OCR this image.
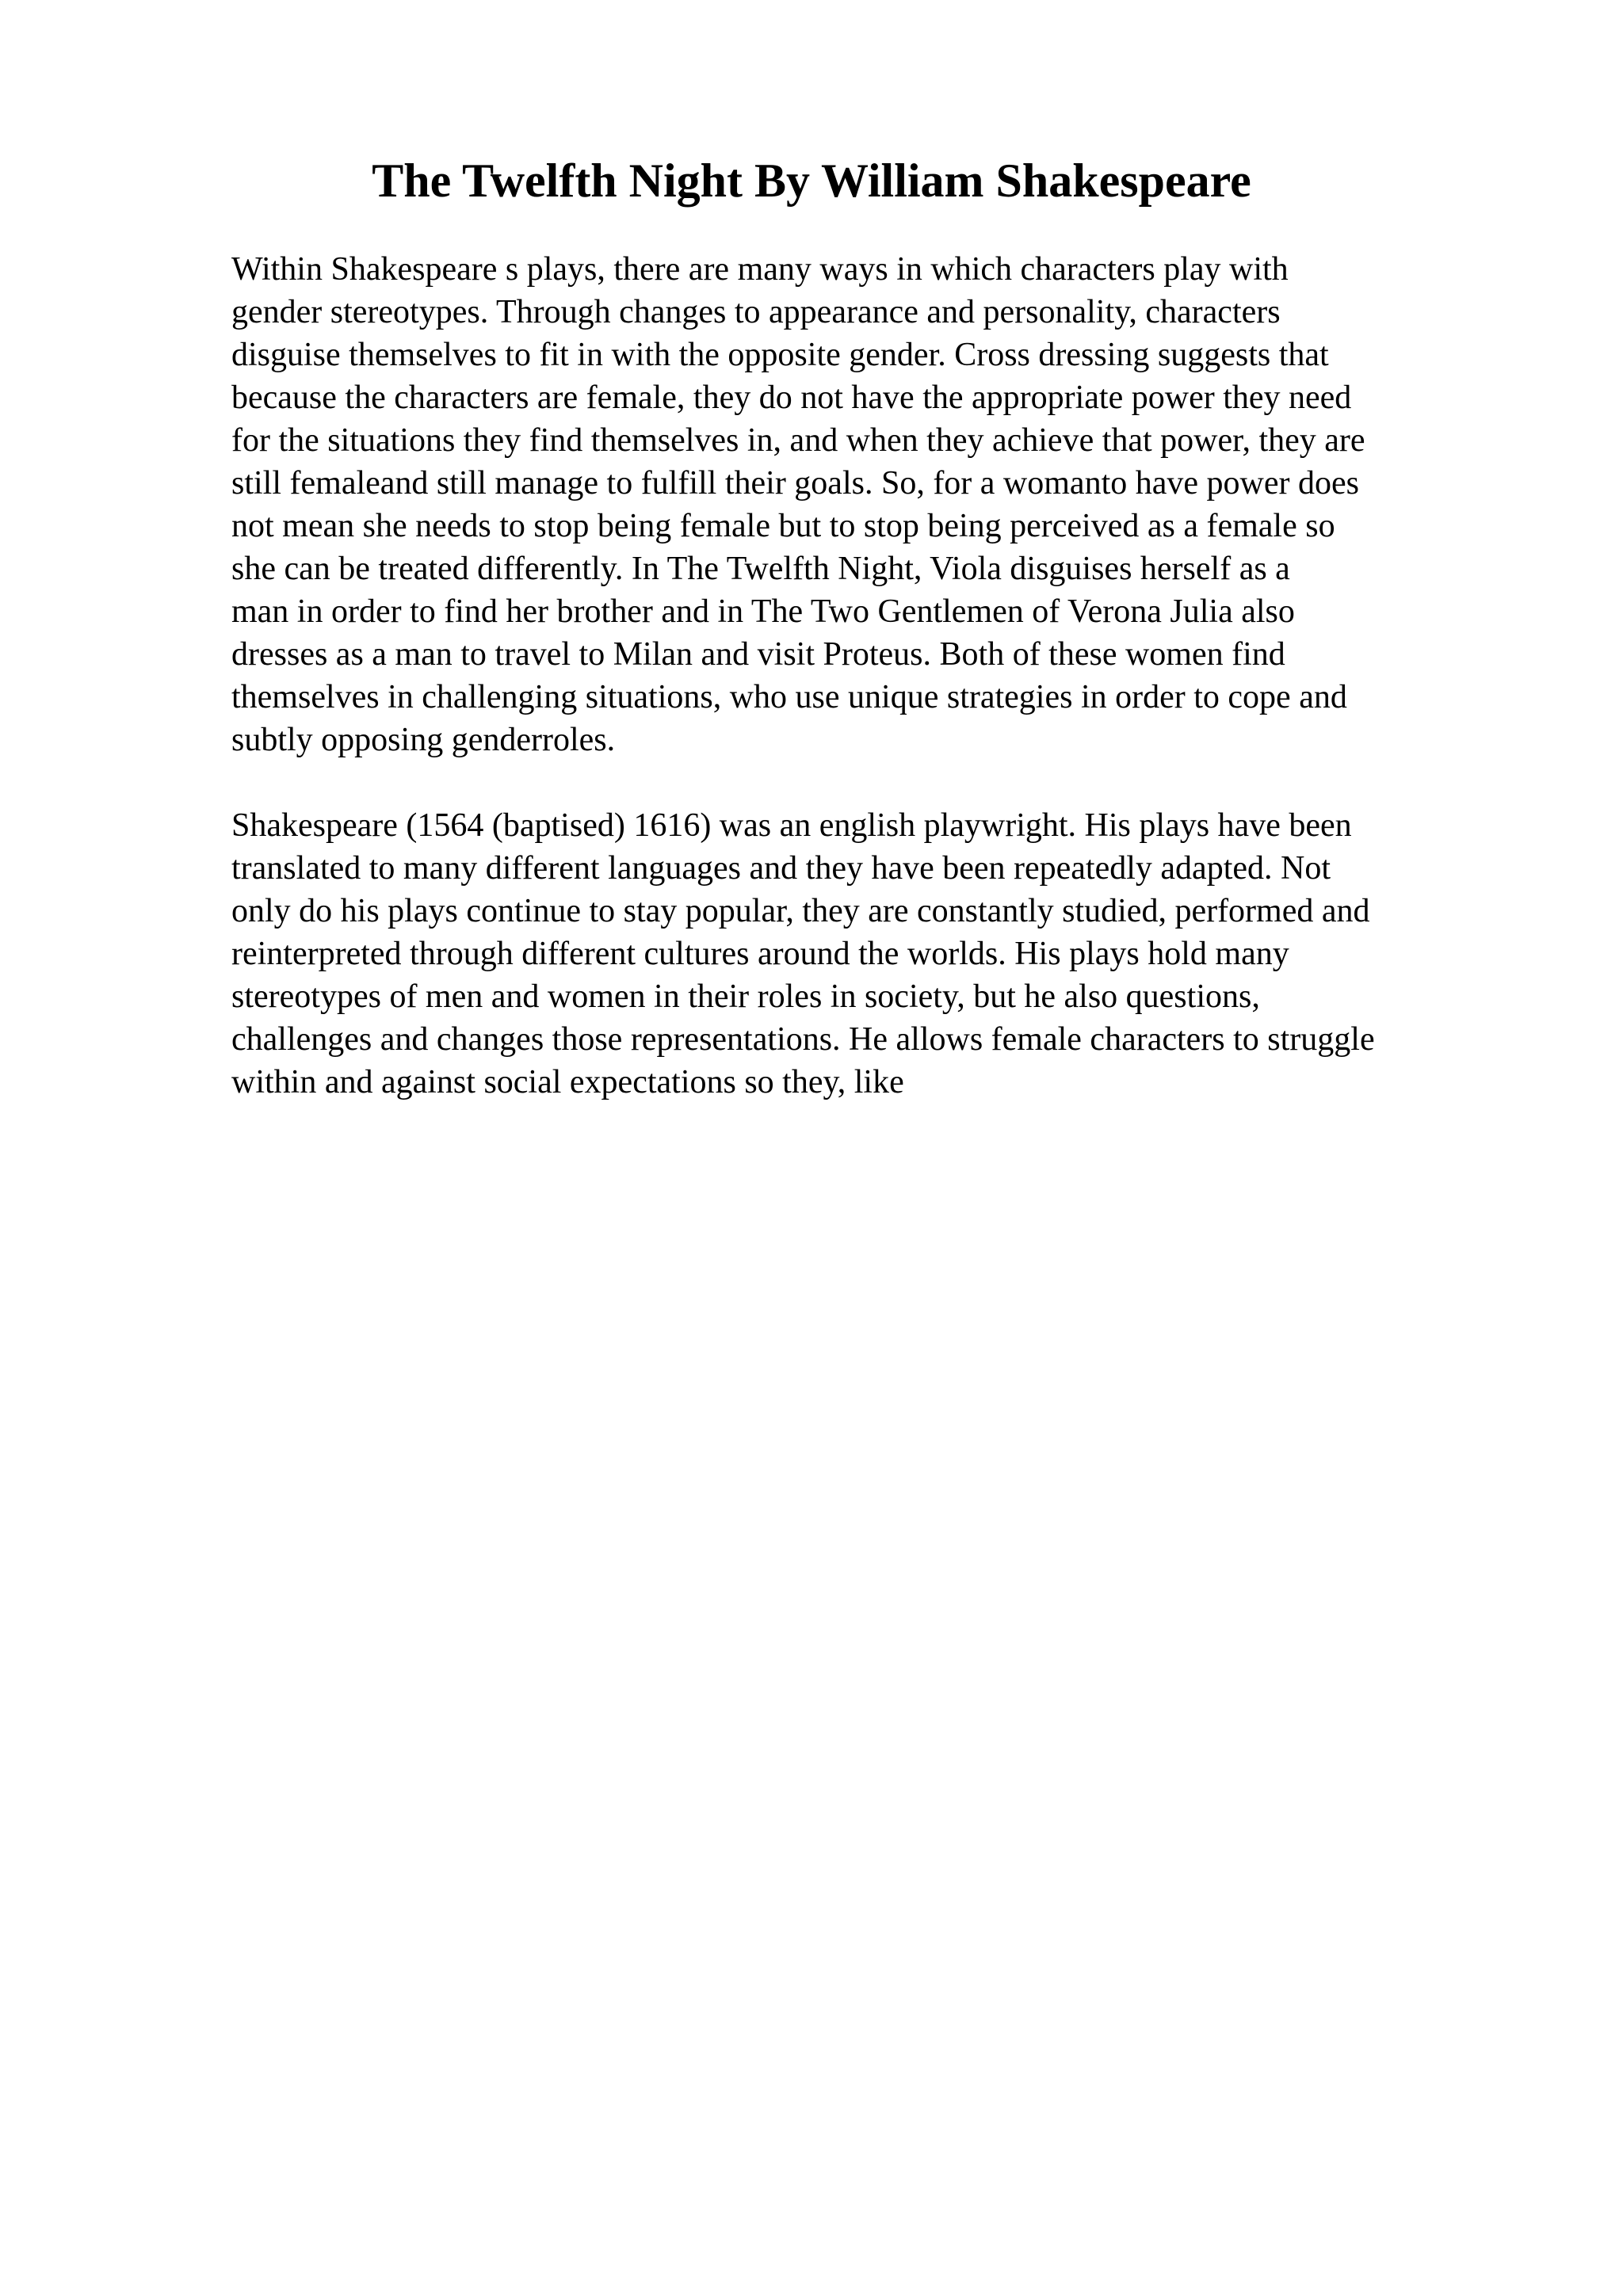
The Twelfth Night By William Shakespeare
Within Shakespeare s plays, there are many ways in which characters play with
gender stereotypes. Through changes to appearance and personality, characters
disguise themselves to fit in with the opposite gender. Cross dressing suggests that
because the characters are female, they do not have the appropriate power they need
for the situations they find themselves in, and when they achieve that power, they are
still femaleand still manage to fulfill their goals. So, for a womanto have power does
not mean she needs to stop being female but to stop being perceived as a female so
she can be treated differently. In The Twelfth Night, Viola disguises herself as a
man in order to find her brother and in The Two Gentlemen of Verona Julia also
dresses as a man to travel to Milan and visit Proteus. Both of these women find
themselves in challenging situations, who use unique strategies in order to cope and
subtly opposing genderroles.
Shakespeare (1564 (baptised) 1616) was an english playwright. His plays have been
translated to many different languages and they have been repeatedly adapted. Not
only do his plays continue to stay popular, they are constantly studied, performed and
reinterpreted through different cultures around the worlds. His plays hold many
stereotypes of men and women in their roles in society, but he also questions,
challenges and changes those representations. He allows female characters to struggle
within and against social expectations so they, like
